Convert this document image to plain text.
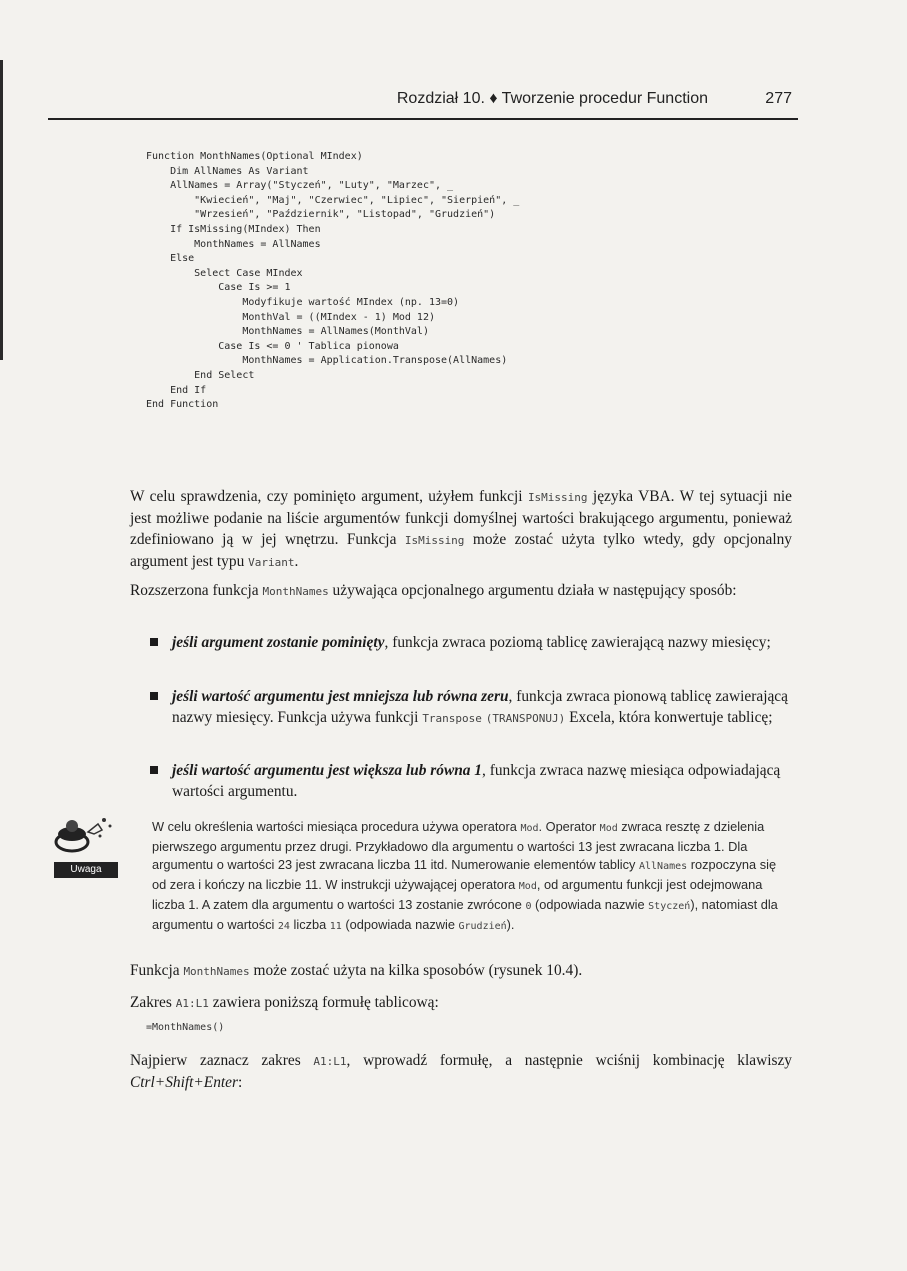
Rozdział 10. ♦ Tworzenie procedur Function	277
Function MonthNames(Optional MIndex)
Dim AllNames As Variant
AllNames = Array("Styczeń", "Luty", "Marzec", _
"Kwiecień", "Maj", "Czerwiec", "Lipiec", "Sierpień", _
"Wrzesień", "Październik", "Listopad", "Grudzień")
If IsMissing(MIndex) Then
MonthNames = AllNames
Else
Select Case MIndex
Case Is >= 1
Modyfikuje wartość MIndex (np. 13=0)
MonthVal = ((MIndex - 1) Mod 12)
MonthNames = AllNames(MonthVal)
Case Is <= 0 ' Tablica pionowa
MonthNames = Application.Transpose(AllNames)
End Select
End If
End Function

W celu sprawdzenia, czy pominięto argument, użyłem funkcji IsMissing języka VBA. W tej sytuacji nie jest możliwe podanie na liście argumentów funkcji domyślnej wartości brakującego argumentu, ponieważ zdefiniowano ją w jej wnętrzu. Funkcja IsMissing może zostać użyta tylko wtedy, gdy opcjonalny argument jest typu Variant.

Rozszerzona funkcja MonthNames używająca opcjonalnego argumentu działa w następujący sposób:

jeśli argument zostanie pominięty, funkcja zwraca poziomą tablicę zawierającą nazwy miesięcy;
jeśli wartość argumentu jest mniejsza lub równa zeru, funkcja zwraca pionową tablicę zawierającą nazwy miesięcy. Funkcja używa funkcji Transpose (TRANSPONUJ) Excela, która konwertuje tablicę;
jeśli wartość argumentu jest większa lub równa 1, funkcja zwraca nazwę miesiąca odpowiadającą wartości argumentu.
Uwaga

W celu określenia wartości miesiąca procedura używa operatora Mod. Operator Mod zwraca resztę z dzielenia pierwszego argumentu przez drugi. Przykładowo dla argumentu o wartości 13 jest zwracana liczba 1. Dla argumentu o wartości 23 jest zwracana liczba 11 itd. Numerowanie elementów tablicy AllNames rozpoczyna się od zera i kończy na liczbie 11. W instrukcji używającej operatora Mod, od argumentu funkcji jest odejmowana liczba 1. A zatem dla argumentu o wartości 13 zostanie zwrócone 0 (odpowiada nazwie Styczeń), natomiast dla argumentu o wartości 24 liczba 11 (odpowiada nazwie Grudzień).

Funkcja MonthNames może zostać użyta na kilka sposobów (rysunek 10.4).

Zakres A1:L1 zawiera poniższą formułę tablicową:

=MonthNames()

Najpierw zaznacz zakres A1:L1, wprowadź formułę, a następnie wciśnij kombinację klawiszy Ctrl+Shift+Enter:
